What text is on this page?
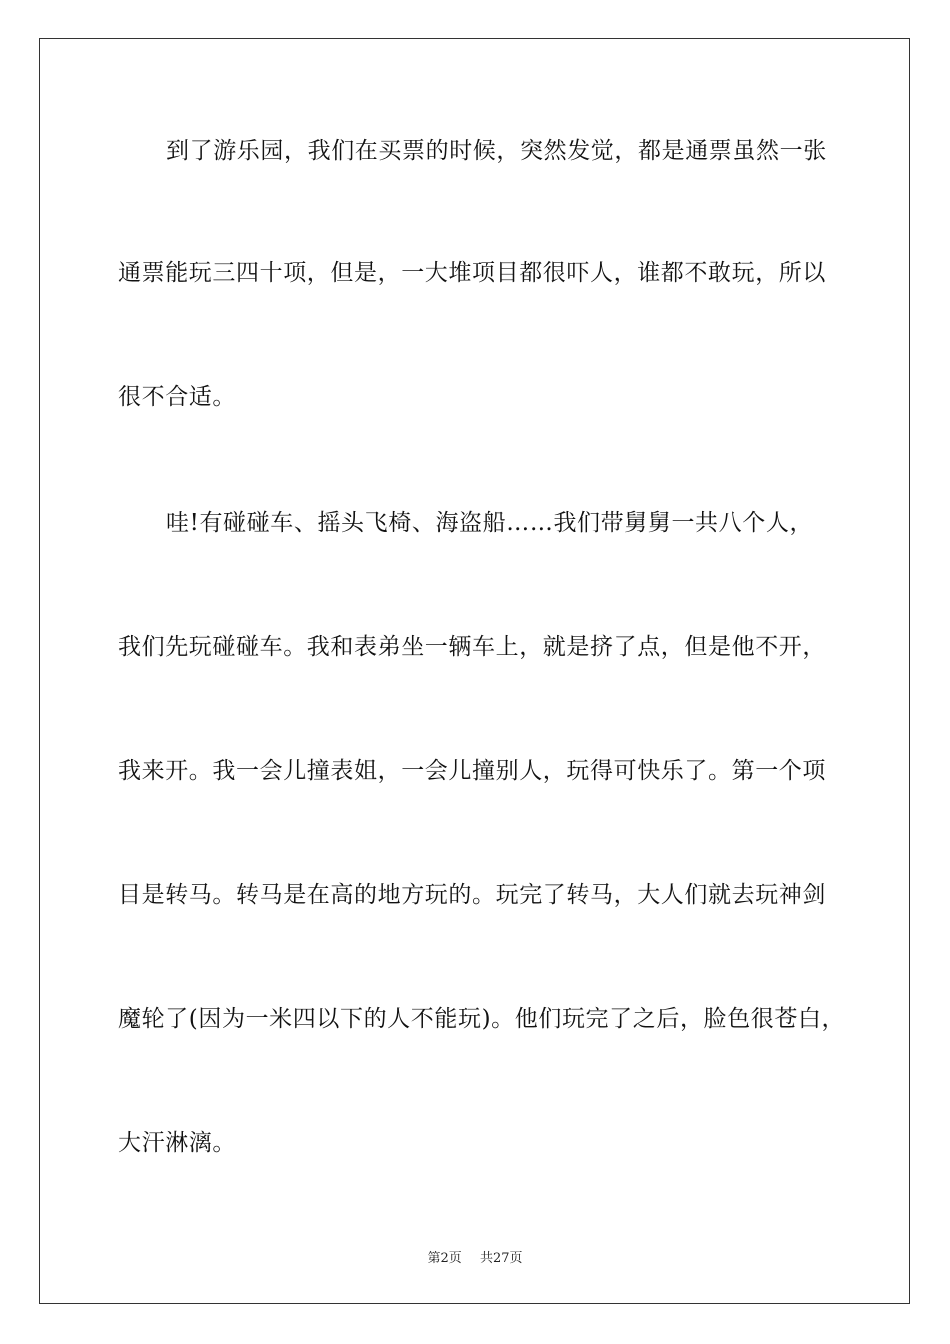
到了游乐园，我们在买票的时候，突然发觉，都是通票虽然一张
通票能玩三四十项，但是，一大堆项目都很吓人，谁都不敢玩，所以
很不合适。
哇!有碰碰车、摇头飞椅、海盗船……我们带舅舅一共八个人，
我们先玩碰碰车。我和表弟坐一辆车上，就是挤了点，但是他不开，
我来开。我一会儿撞表姐，一会儿撞别人，玩得可快乐了。第一个项
目是转马。转马是在高的地方玩的。玩完了转马，大人们就去玩神剑
魔轮了(因为一米四以下的人不能玩)。他们玩完了之后，脸色很苍白，
大汗淋漓。
第2页 共27页
